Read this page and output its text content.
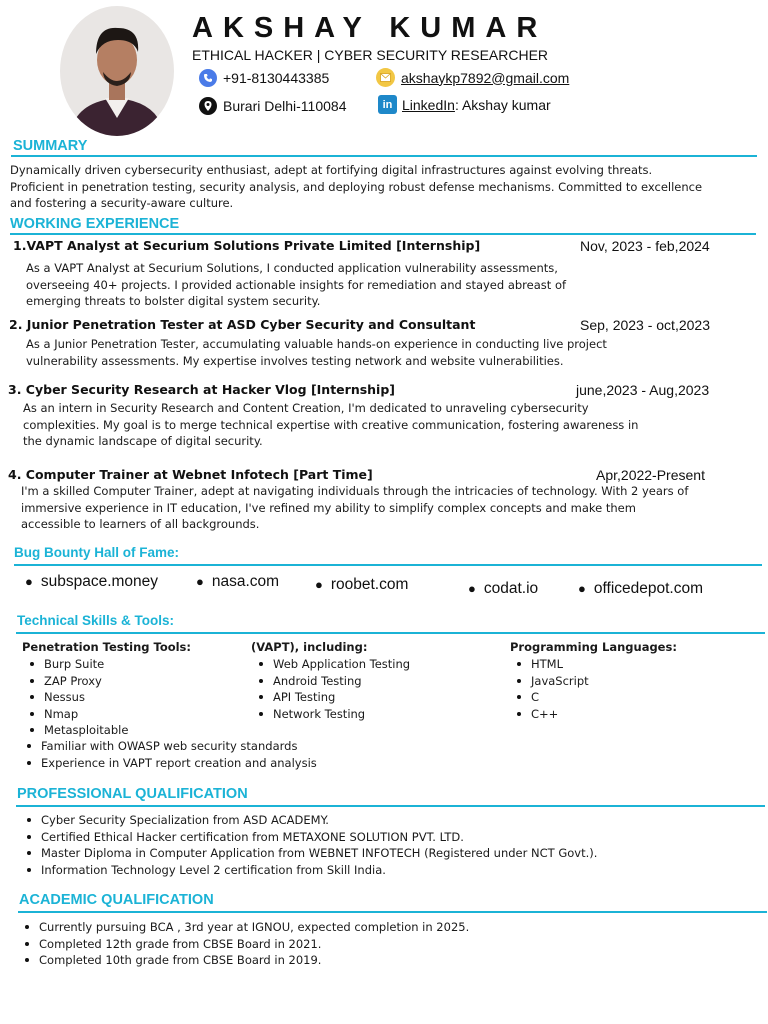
AKSHAY KUMAR
ETHICAL HACKER | CYBER SECURITY RESEARCHER
+91-8130443385	akshaykp7892@gmail.com
Burari Delhi-110084	in LinkedIn : Akshay kumar
SUMMARY
Dynamically driven cybersecurity enthusiast, adept at fortifying digital infrastructures against evolving threats.
Proficient in penetration testing, security analysis, and deploying robust defense mechanisms. Committed to excellence
and fostering a security-aware culture.
WORKING EXPERIENCE
1.VAPT Analyst at Securium Solutions Private Limited [Internship]	Nov, 2023 - feb,2024
As a VAPT Analyst at Securium Solutions, I conducted application vulnerability assessments,
overseeing 40+ projects. I provided actionable insights for remediation and stayed abreast of
emerging threats to bolster digital system security.
2. Junior Penetration Tester at ASD Cyber Security and Consultant	Sep, 2023 - oct,2023
As a Junior Penetration Tester, accumulating valuable hands-on experience in conducting live project
vulnerability assessments. My expertise involves testing network and website vulnerabilities.
3. Cyber Security Research at Hacker Vlog [Internship]	june,2023 - Aug,2023
As an intern in Security Research and Content Creation, I'm dedicated to unraveling cybersecurity
complexities. My goal is to merge technical expertise with creative communication, fostering awareness in
the dynamic landscape of digital security.
4. Computer Trainer at Webnet Infotech [Part Time]	Apr,2022-Present
I'm a skilled Computer Trainer, adept at navigating individuals through the intricacies of technology. With 2 years of
immersive experience in IT education, I've refined my ability to simplify complex concepts and make them
accessible to learners of all backgrounds.
Bug Bounty Hall of Fame:
● subspace.money	● nasa.com	● roobet.com	● codat.io	● officedepot.com
Technical Skills & Tools:
Penetration Testing Tools:
Burp Suite
ZAP Proxy
Nessus
Nmap
Metasploitable
Familiar with OWASP web security standards
Experience in VAPT report creation and analysis
(VAPT), including:
Web Application Testing
Android Testing
API Testing
Network Testing
Programming Languages:
HTML
JavaScript
C
C++
PROFESSIONAL QUALIFICATION
Cyber Security Specialization from ASD ACADEMY.
Certified Ethical Hacker certification from METAXONE SOLUTION PVT. LTD.
Master Diploma in Computer Application from WEBNET INFOTECH (Registered under NCT Govt.).
Information Technology Level 2 certification from Skill India.
ACADEMIC QUALIFICATION
Currently pursuing BCA , 3rd year at IGNOU, expected completion in 2025.
Completed 12th grade from CBSE Board in 2021.
Completed 10th grade from CBSE Board in 2019.
